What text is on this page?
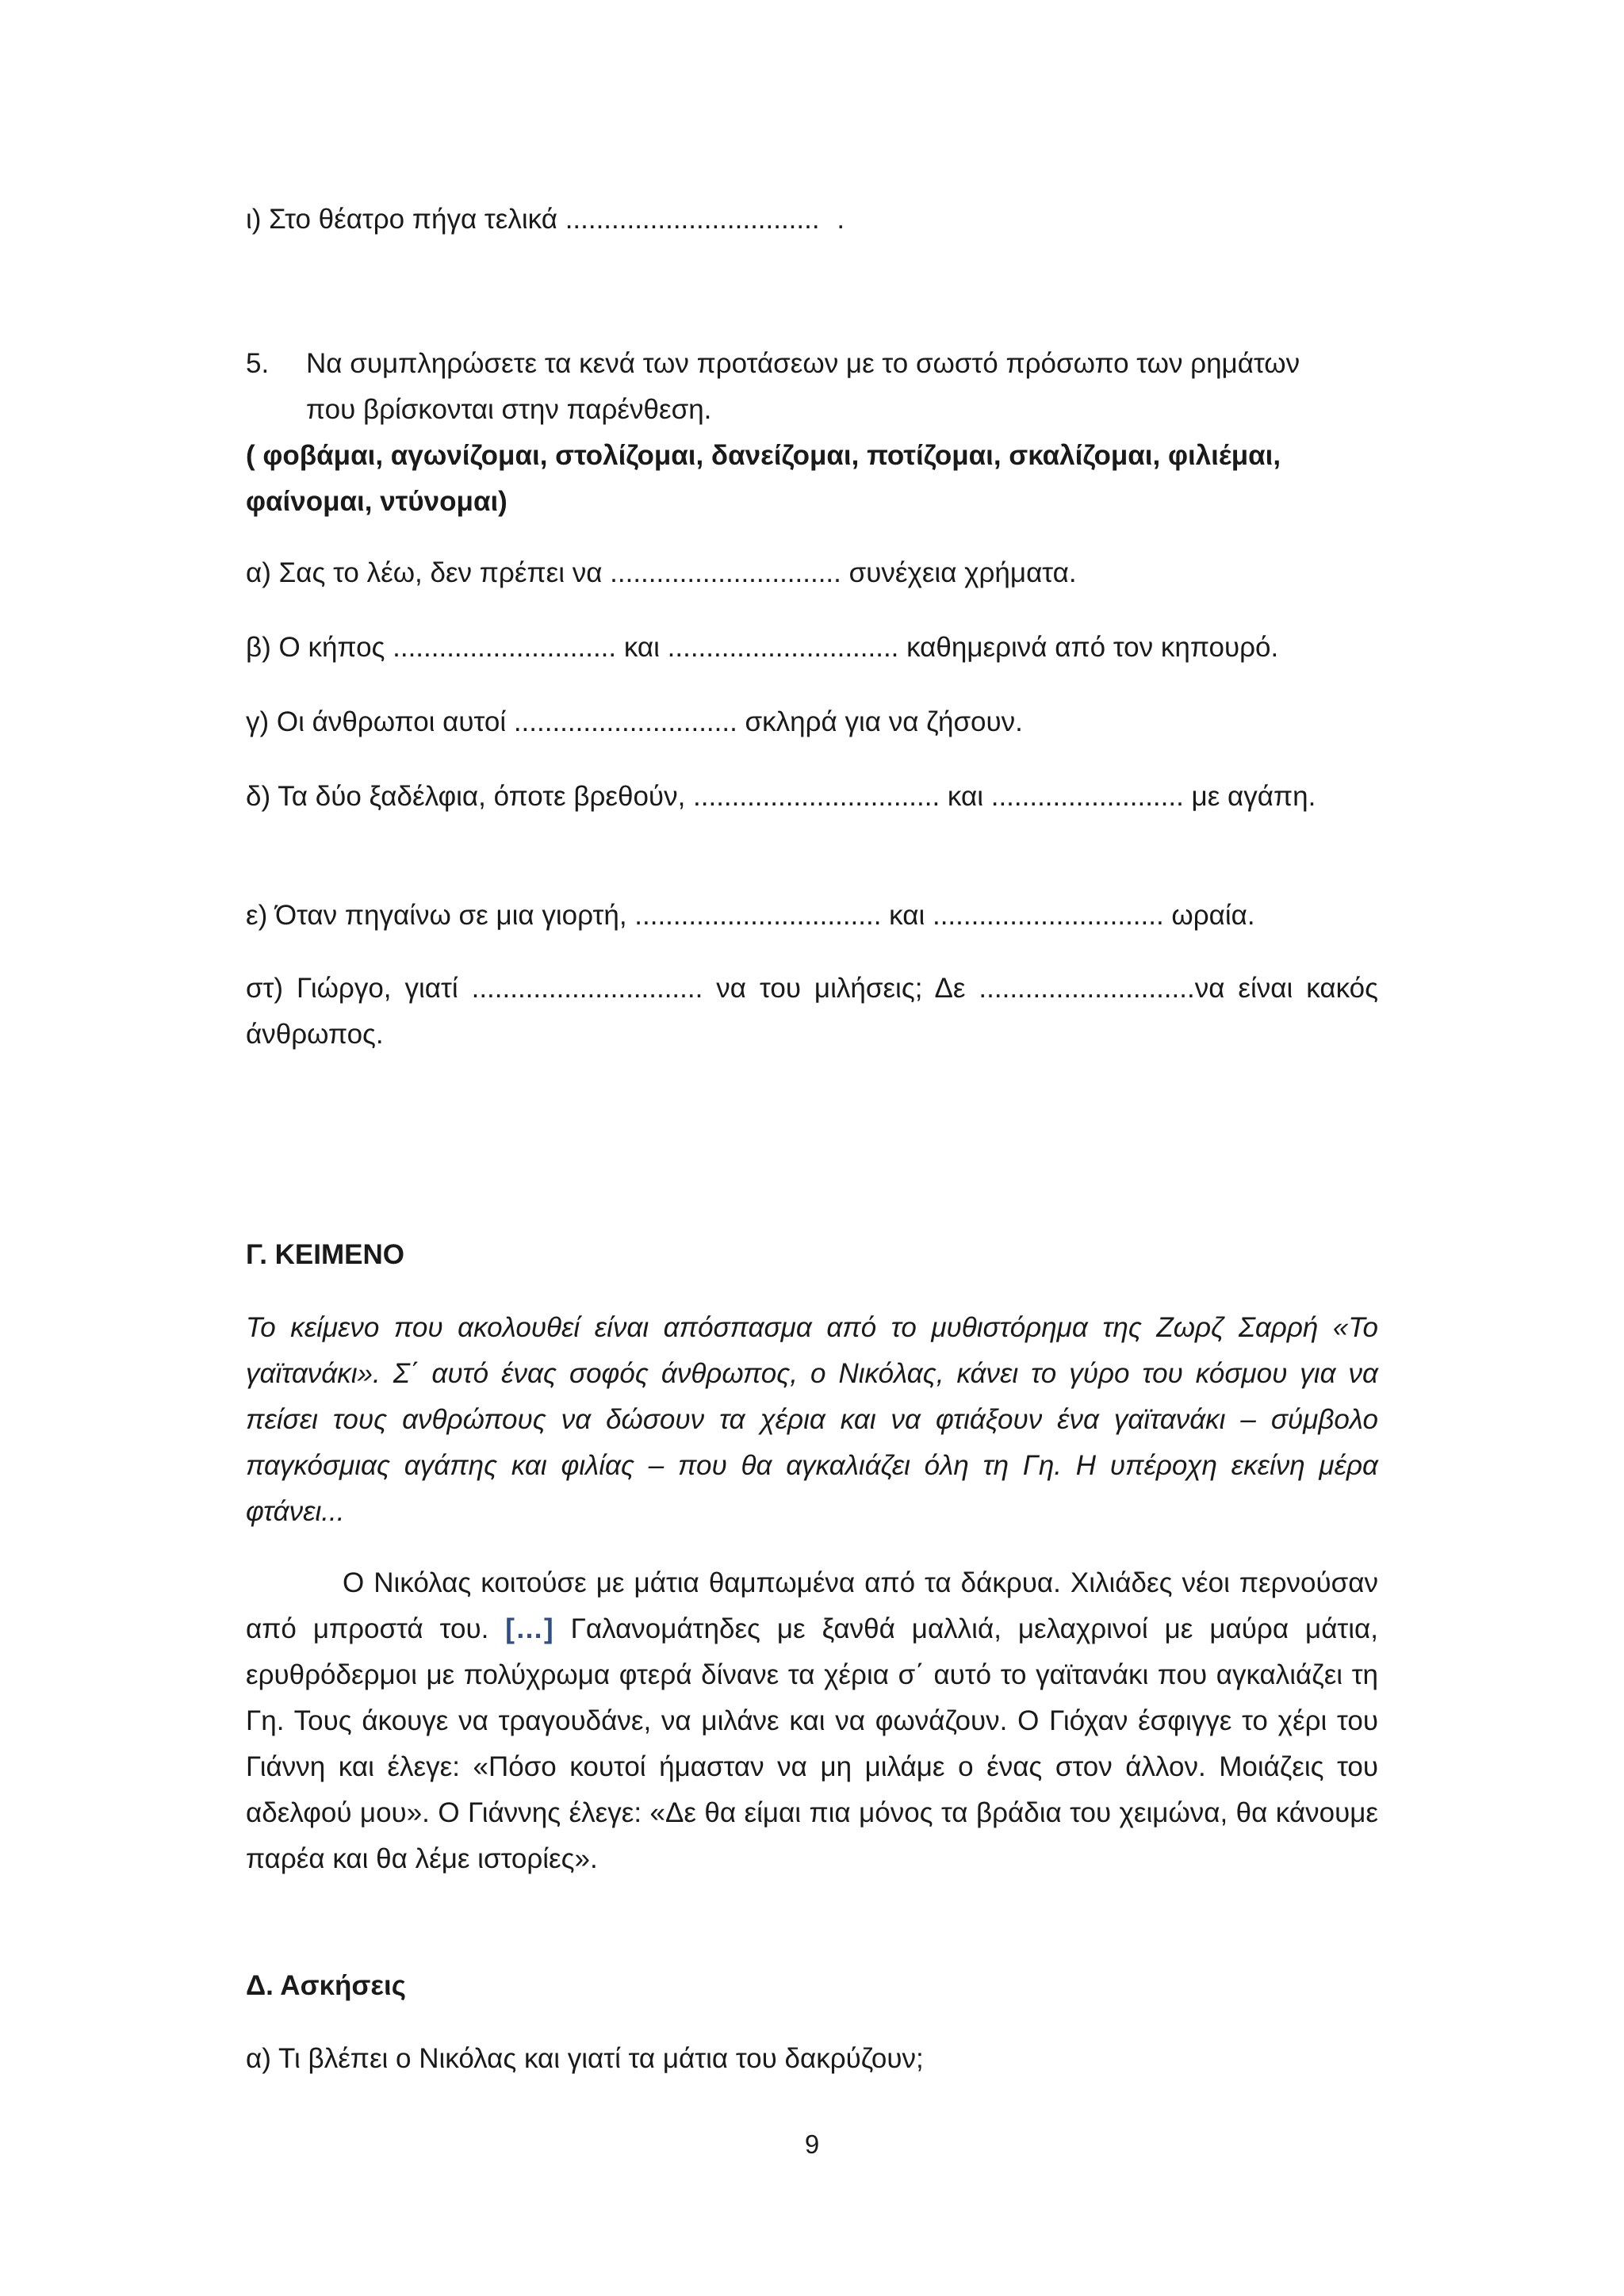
ι) Στο θέατρο πήγα τελικά ................................. .

5. Να συμπληρώσετε τα κενά των προτάσεων με το σωστό πρόσωπο των ρημάτων

που βρίσκονται στην παρένθεση.

( φοβάμαι, αγωνίζομαι, στολίζομαι, δανείζομαι, ποτίζομαι, σκαλίζομαι, φιλιέμαι,

φαίνομαι, ντύνομαι)

α) Σας το λέω, δεν πρέπει να .............................. συνέχεια χρήματα.

β) Ο κήπος ............................. και .............................. καθημερινά από τον κηπουρό.

γ) Οι άνθρωποι αυτοί ............................. σκληρά για να ζήσουν.

δ) Τα δύο ξαδέλφια, όποτε βρεθούν, ................................ και ......................... με αγάπη.

ε) Όταν πηγαίνω σε μια γιορτή, ................................ και .............................. ωραία.

στ) Γιώργο, γιατί .............................. να του μιλήσεις; Δε ............................να είναι κακός άνθρωπος.

Γ. ΚΕΙΜΕΝΟ

Το κείμενο που ακολουθεί είναι απόσπασμα από το μυθιστόρημα της Ζωρζ Σαρρή «Το γαϊτανάκι». Σ΄ αυτό ένας σοφός άνθρωπος, ο Νικόλας, κάνει το γύρο του κόσμου για να πείσει τους ανθρώπους να δώσουν τα χέρια και να φτιάξουν ένα γαϊτανάκι – σύμβολο παγκόσμιας αγάπης και φιλίας – που θα αγκαλιάζει όλη τη Γη. Η υπέροχη εκείνη μέρα φτάνει...

Ο Νικόλας κοιτούσε με μάτια θαμπωμένα από τα δάκρυα. Χιλιάδες νέοι περνούσαν από μπροστά του. […] Γαλανομάτηδες με ξανθά μαλλιά, μελαχρινοί με μαύρα μάτια, ερυθρόδερμοι με πολύχρωμα φτερά δίνανε τα χέρια σ΄ αυτό το γαϊτανάκι που αγκαλιάζει τη Γη. Τους άκουγε να τραγουδάνε, να μιλάνε και να φωνάζουν. Ο Γιόχαν έσφιγγε το χέρι του Γιάννη και έλεγε: «Πόσο κουτοί ήμασταν να μη μιλάμε ο ένας στον άλλον. Μοιάζεις του αδελφού μου». Ο Γιάννης έλεγε: «Δε θα είμαι πια μόνος τα βράδια του χειμώνα, θα κάνουμε παρέα και θα λέμε ιστορίες».

Δ. Ασκήσεις

α) Τι βλέπει ο Νικόλας και γιατί τα μάτια του δακρύζουν;

9
